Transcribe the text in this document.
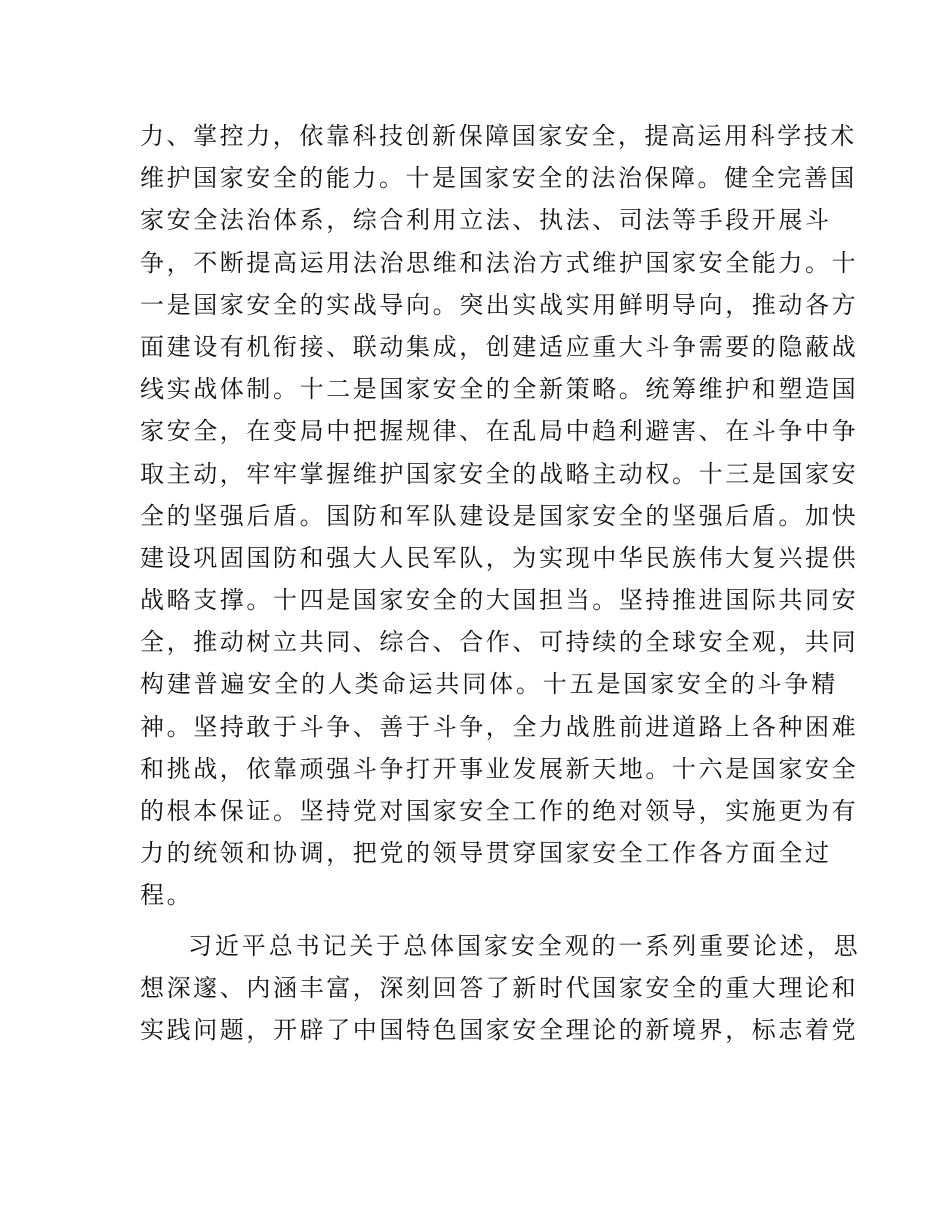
力、掌控力，依靠科技创新保障国家安全，提高运用科学技术
维护国家安全的能力。十是国家安全的法治保障。健全完善国
家安全法治体系，综合利用立法、执法、司法等手段开展斗
争，不断提高运用法治思维和法治方式维护国家安全能力。十
一是国家安全的实战导向。突出实战实用鲜明导向，推动各方
面建设有机衔接、联动集成，创建适应重大斗争需要的隐蔽战
线实战体制。十二是国家安全的全新策略。统筹维护和塑造国
家安全，在变局中把握规律、在乱局中趋利避害、在斗争中争
取主动，牢牢掌握维护国家安全的战略主动权。十三是国家安
全的坚强后盾。国防和军队建设是国家安全的坚强后盾。加快
建设巩固国防和强大人民军队，为实现中华民族伟大复兴提供
战略支撑。十四是国家安全的大国担当。坚持推进国际共同安
全，推动树立共同、综合、合作、可持续的全球安全观，共同
构建普遍安全的人类命运共同体。十五是国家安全的斗争精
神。坚持敢于斗争、善于斗争，全力战胜前进道路上各种困难
和挑战，依靠顽强斗争打开事业发展新天地。十六是国家安全
的根本保证。坚持党对国家安全工作的绝对领导，实施更为有
力的统领和协调，把党的领导贯穿国家安全工作各方面全过
程。
习近平总书记关于总体国家安全观的一系列重要论述，思
想深邃、内涵丰富，深刻回答了新时代国家安全的重大理论和
实践问题，开辟了中国特色国家安全理论的新境界，标志着党
